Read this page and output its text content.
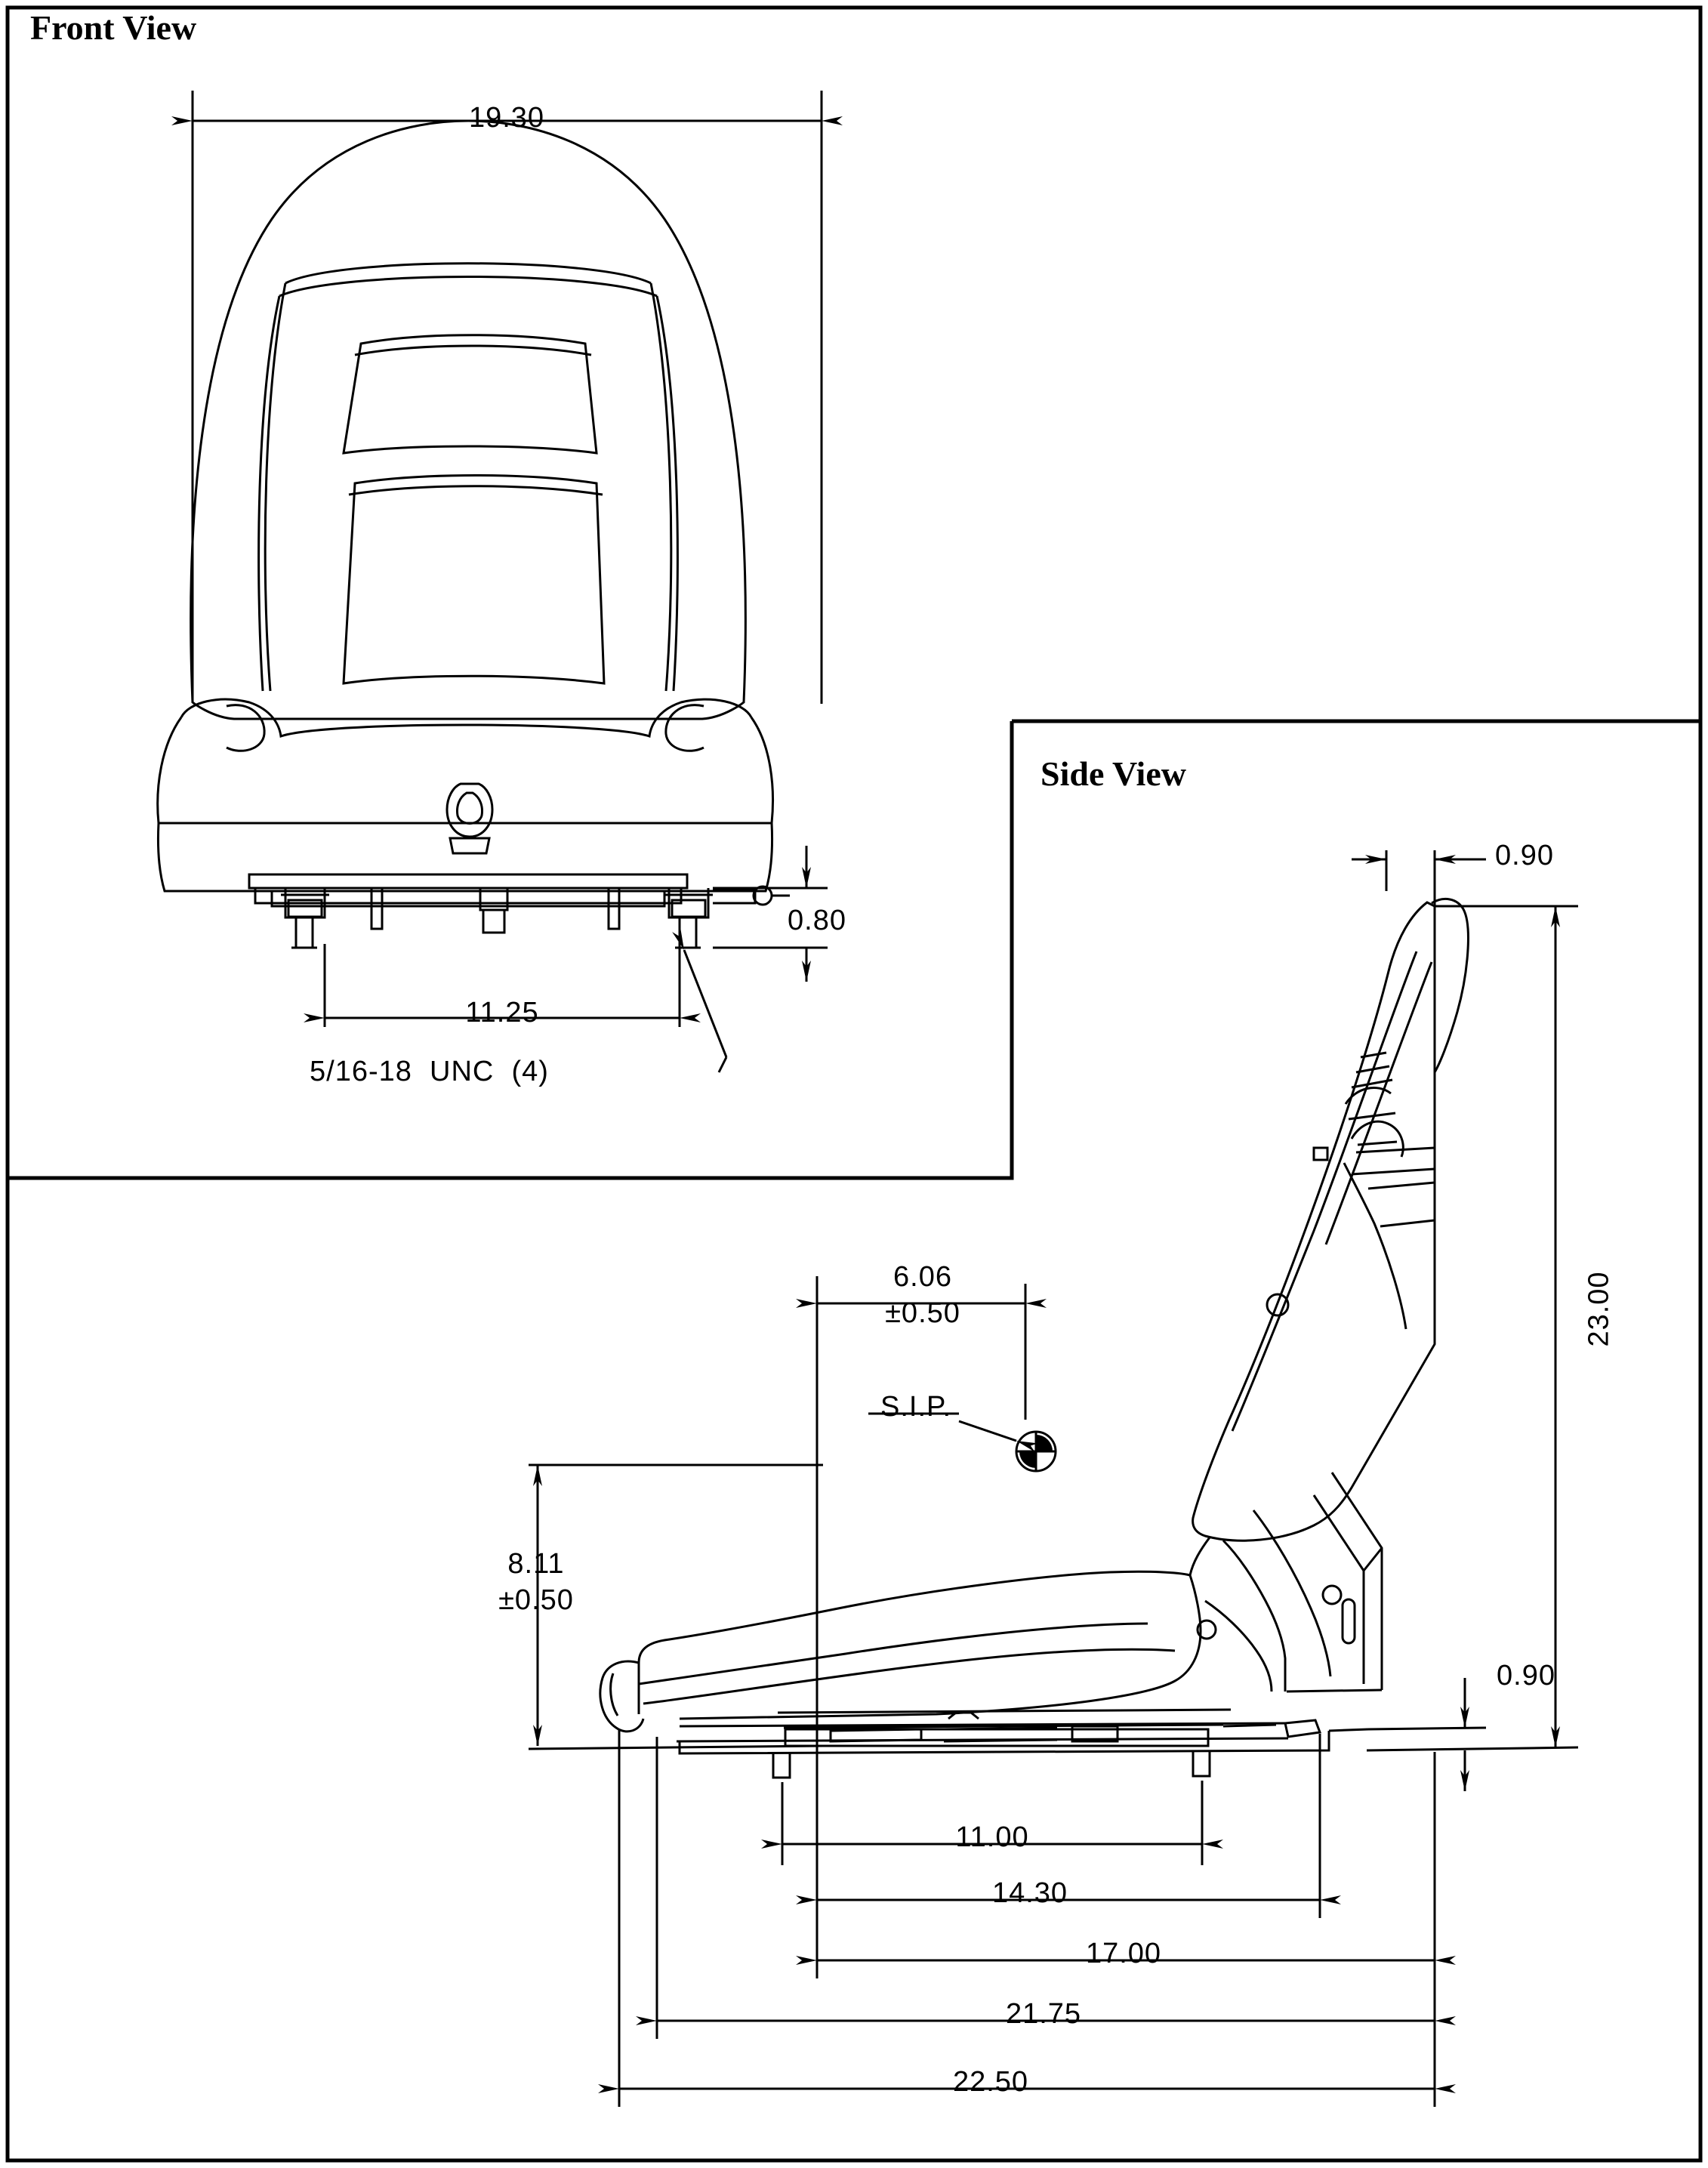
Front View
Side View
19.30
11.25
0.80
5/16-18  UNC  (4)
0.90
23.00
6.06
±0.50
S.I.P.
8.11
±0.50
0.90
11.00
14.30
17.00
21.75
22.50
